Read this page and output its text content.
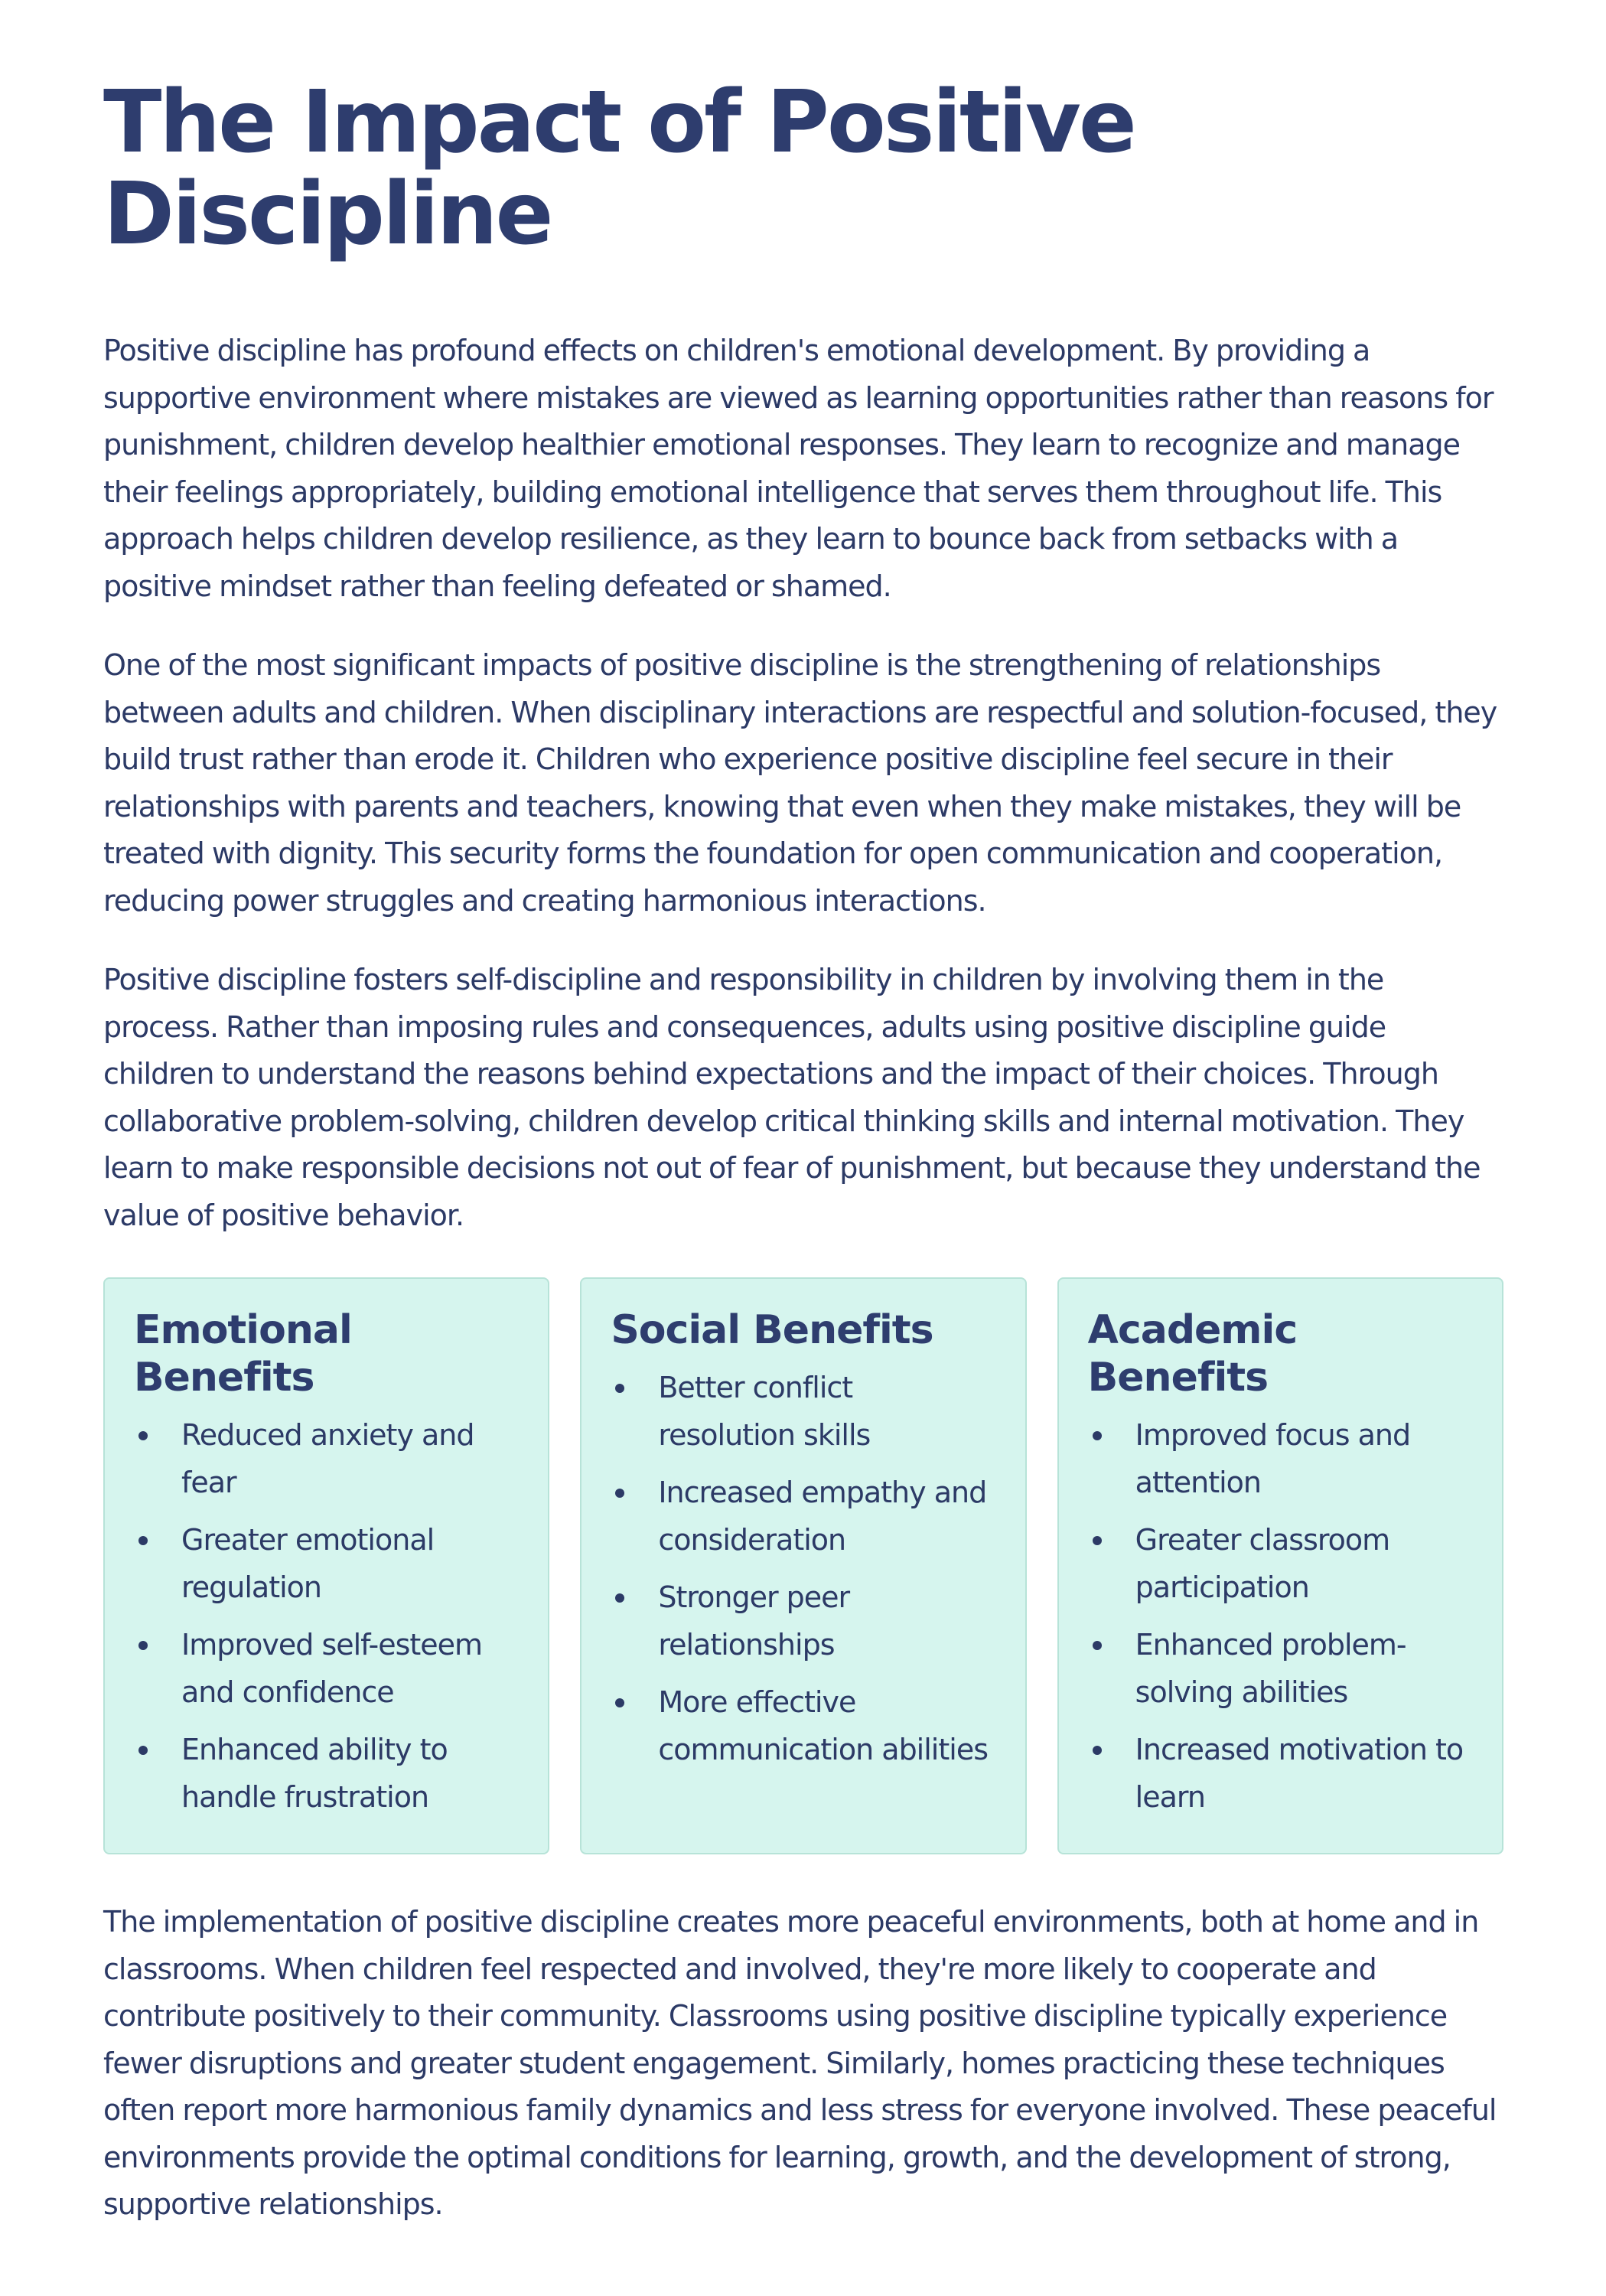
The Impact of Positive Discipline

Positive discipline has profound effects on children's emotional development. By providing a supportive environment where mistakes are viewed as learning opportunities rather than reasons for punishment, children develop healthier emotional responses. They learn to recognize and manage their feelings appropriately, building emotional intelligence that serves them throughout life. This approach helps children develop resilience, as they learn to bounce back from setbacks with a positive mindset rather than feeling defeated or shamed.

One of the most significant impacts of positive discipline is the strengthening of relationships between adults and children. When disciplinary interactions are respectful and solution-focused, they build trust rather than erode it. Children who experience positive discipline feel secure in their relationships with parents and teachers, knowing that even when they make mistakes, they will be treated with dignity. This security forms the foundation for open communication and cooperation, reducing power struggles and creating harmonious interactions.

Positive discipline fosters self-discipline and responsibility in children by involving them in the process. Rather than imposing rules and consequences, adults using positive discipline guide children to understand the reasons behind expectations and the impact of their choices. Through collaborative problem-solving, children develop critical thinking skills and internal motivation. They learn to make responsible decisions not out of fear of punishment, but because they understand the value of positive behavior.

Emotional Benefits
Reduced anxiety and fear
Greater emotional regulation
Improved self-esteem and confidence
Enhanced ability to handle frustration
Social Benefits
Better conflict resolution skills
Increased empathy and consideration
Stronger peer relationships
More effective communication abilities
Academic Benefits
Improved focus and attention
Greater classroom participation
Enhanced problem-solving abilities
Increased motivation to learn

The implementation of positive discipline creates more peaceful environments, both at home and in classrooms. When children feel respected and involved, they're more likely to cooperate and contribute positively to their community. Classrooms using positive discipline typically experience fewer disruptions and greater student engagement. Similarly, homes practicing these techniques often report more harmonious family dynamics and less stress for everyone involved. These peaceful environments provide the optimal conditions for learning, growth, and the development of strong, supportive relationships.
